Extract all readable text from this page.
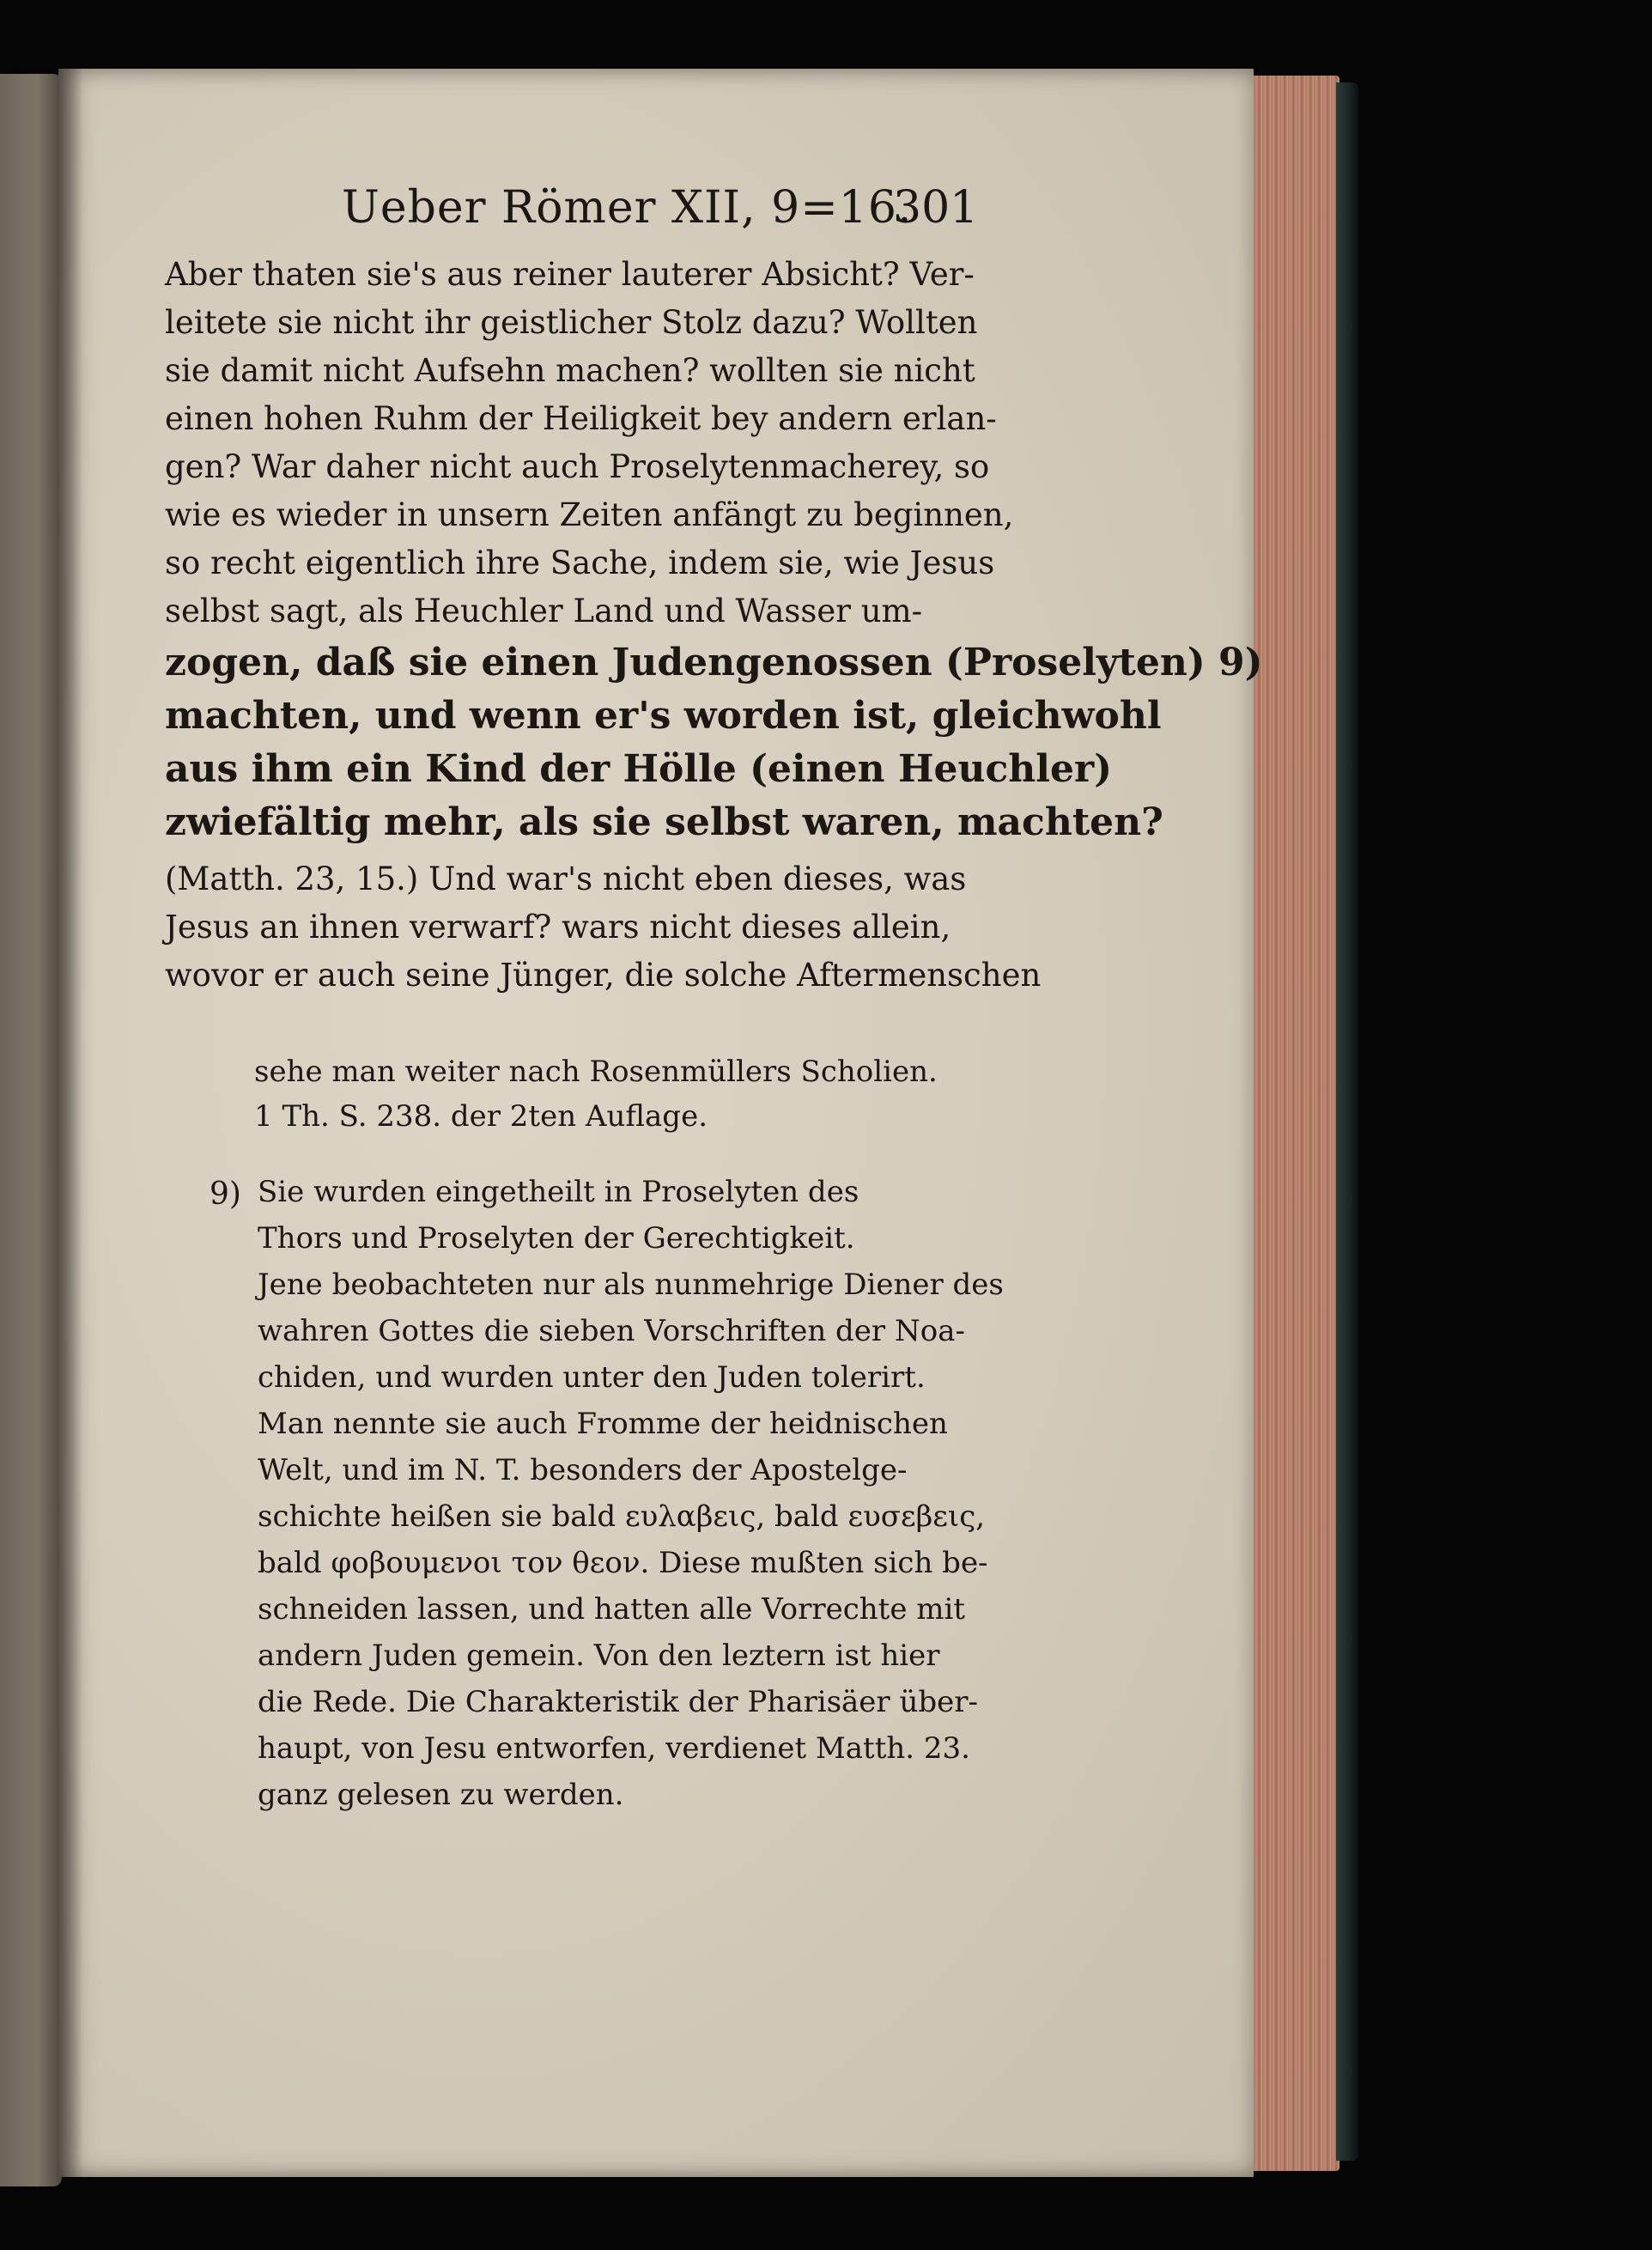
Ueber Römer XII, 9=16.
301
Aber thaten sie's aus reiner lauterer Absicht? Ver-
leitete sie nicht ihr geistlicher Stolz dazu? Wollten
sie damit nicht Aufsehn machen? wollten sie nicht
einen hohen Ruhm der Heiligkeit bey andern erlan-
gen? War daher nicht auch Proselytenmacherey, so
wie es wieder in unsern Zeiten anfängt zu beginnen,
so recht eigentlich ihre Sache, indem sie, wie Jesus
selbst sagt, als Heuchler Land und Wasser um-
zogen, daß sie einen Judengenossen (Proselyten) 9)
machten, und wenn er's worden ist, gleichwohl
aus ihm ein Kind der Hölle (einen Heuchler)
zwiefältig mehr, als sie selbst waren, machten?
(Matth. 23, 15.) Und war's nicht eben dieses, was
Jesus an ihnen verwarf? wars nicht dieses allein,
wovor er auch seine Jünger, die solche Aftermenschen
sehe man weiter nach Rosenmüllers Scholien.
1 Th. S. 238. der 2ten Auflage.
9) Sie wurden eingetheilt in Proselyten des
Thors und Proselyten der Gerechtigkeit.
Jene beobachteten nur als nunmehrige Diener des
wahren Gottes die sieben Vorschriften der Noa-
chiden, und wurden unter den Juden tolerirt.
Man nennte sie auch Fromme der heidnischen
Welt, und im N. T. besonders der Apostelge-
schichte heißen sie bald ευλαβεις, bald ευσεβεις,
bald φοβουμενοι τον θεον. Diese mußten sich be-
schneiden lassen, und hatten alle Vorrechte mit
andern Juden gemein. Von den leztern ist hier
die Rede. Die Charakteristik der Pharisäer über-
haupt, von Jesu entworfen, verdienet Matth. 23.
ganz gelesen zu werden.
